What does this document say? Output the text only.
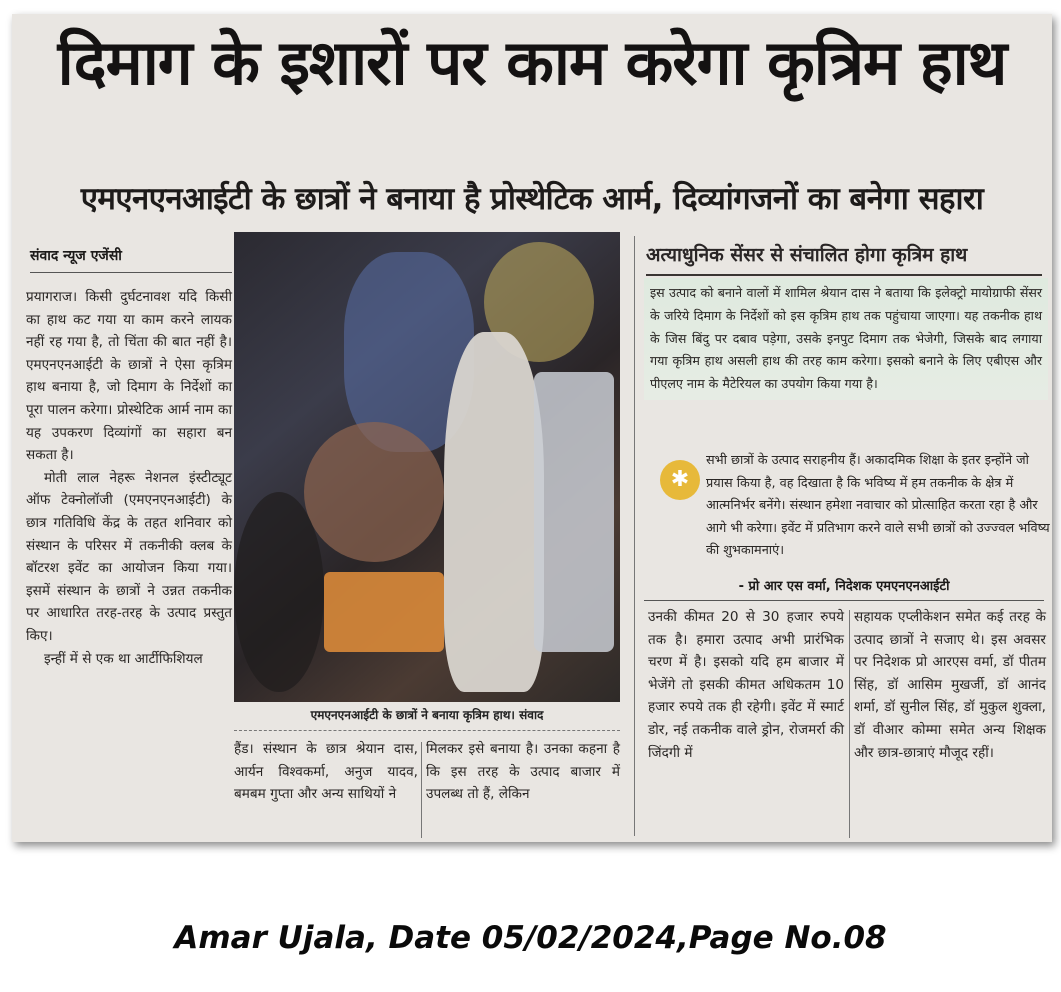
दिमाग के इशारों पर काम करेगा कृत्रिम हाथ
एमएनएनआईटी के छात्रों ने बनाया है प्रोस्थेटिक आर्म, दिव्यांगजनों का बनेगा सहारा
संवाद न्यूज एजेंसी

प्रयागराज। किसी दुर्घटनावश यदि किसी का हाथ कट गया या काम करने लायक नहीं रह गया है, तो चिंता की बात नहीं है। एमएनएनआईटी के छात्रों ने ऐसा कृत्रिम हाथ बनाया है, जो दिमाग के निर्देशों का पूरा पालन करेगा। प्रोस्थेटिक आर्म नाम का यह उपकरण दिव्यांगों का सहारा बन सकता है।

मोती लाल नेहरू नेशनल इंस्टीट्यूट ऑफ टेक्नोलॉजी (एमएनएनआईटी) के छात्र गतिविधि केंद्र के तहत शनिवार को संस्थान के परिसर में तकनीकी क्लब के बॉटरश इवेंट का आयोजन किया गया। इसमें संस्थान के छात्रों ने उन्नत तकनीक पर आधारित तरह-तरह के उत्पाद प्रस्तुत किए।

इन्हीं में से एक था आर्टीफिशियल

एमएनएनआईटी के छात्रों ने बनाया कृत्रिम हाथ। संवाद
हैंड। संस्थान के छात्र श्रेयान दास, आर्यन विश्वकर्मा, अनुज यादव, बमबम गुप्ता और अन्य साथियों ने
मिलकर इसे बनाया है। उनका कहना है कि इस तरह के उत्पाद बाजार में उपलब्ध तो हैं, लेकिन
अत्याधुनिक सेंसर से संचालित होगा कृत्रिम हाथ
इस उत्पाद को बनाने वालों में शामिल श्रेयान दास ने बताया कि इलेक्ट्रो मायोग्राफी सेंसर के जरिये दिमाग के निर्देशों को इस कृत्रिम हाथ तक पहुंचाया जाएगा। यह तकनीक हाथ के जिस बिंदु पर दबाव पड़ेगा, उसके इनपुट दिमाग तक भेजेगी, जिसके बाद लगाया गया कृत्रिम हाथ असली हाथ की तरह काम करेगा। इसको बनाने के लिए एबीएस और पीएलए नाम के मैटेरियल का उपयोग किया गया है।
✱
सभी छात्रों के उत्पाद सराहनीय हैं। अकादमिक शिक्षा के इतर इन्होंने जो प्रयास किया है, वह दिखाता है कि भविष्य में हम तकनीक के क्षेत्र में आत्मनिर्भर बनेंगे। संस्थान हमेशा नवाचार को प्रोत्साहित करता रहा है और आगे भी करेगा। इवेंट में प्रतिभाग करने वाले सभी छात्रों को उज्ज्वल भविष्य की शुभकामनाएं।
- प्रो आर एस वर्मा, निदेशक एमएनएनआईटी
उनकी कीमत 20 से 30 हजार रुपये तक है। हमारा उत्पाद अभी प्रारंभिक चरण में है। इसको यदि हम बाजार में भेजेंगे तो इसकी कीमत अधिकतम 10 हजार रुपये तक ही रहेगी। इवेंट में स्मार्ट डोर, नई तकनीक वाले ड्रोन, रोजमर्रा की जिंदगी में
सहायक एप्लीकेशन समेत कई तरह के उत्पाद छात्रों ने सजाए थे। इस अवसर पर निदेशक प्रो आरएस वर्मा, डॉ पीतम सिंह, डॉ आसिम मुखर्जी, डॉ आनंद शर्मा, डॉ सुनील सिंह, डॉ मुकुल शुक्ला, डॉ वीआर कोम्मा समेत अन्य शिक्षक और छात्र-छात्राएं मौजूद रहीं।
Amar Ujala, Date 05/02/2024,Page No.08
